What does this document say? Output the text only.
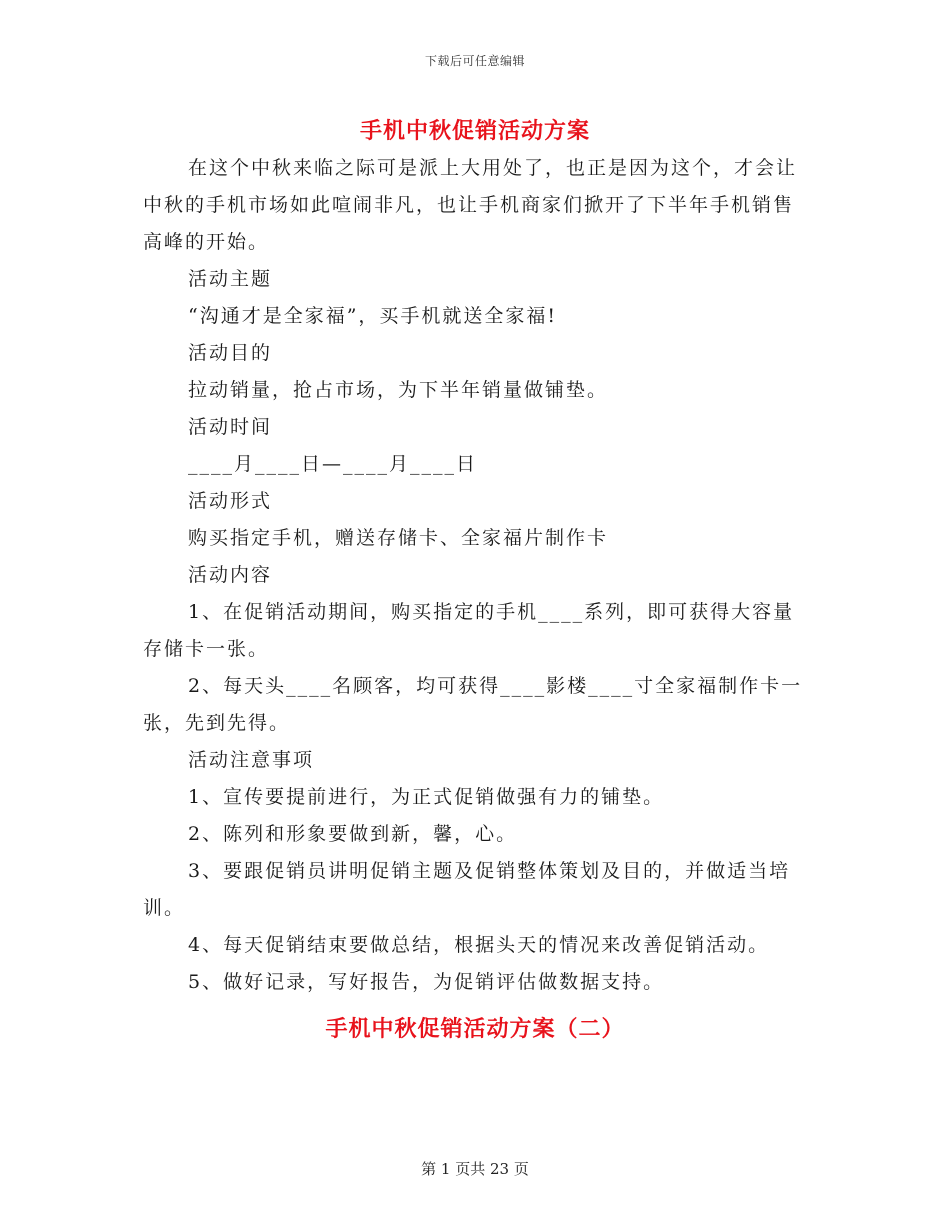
下载后可任意编辑
手机中秋促销活动方案

在这个中秋来临之际可是派上大用处了，也正是因为这个，才会让中秋的手机市场如此喧闹非凡，也让手机商家们掀开了下半年手机销售高峰的开始。

活动主题

“沟通才是全家福”，买手机就送全家福!

活动目的

拉动销量，抢占市场，为下半年销量做铺垫。

活动时间

____月____日—____月____日

活动形式

购买指定手机，赠送存储卡、全家福片制作卡

活动内容

1、在促销活动期间，购买指定的手机____系列，即可获得大容量存储卡一张。

2、每天头____名顾客，均可获得____影楼____寸全家福制作卡一张，先到先得。

活动注意事项

1、宣传要提前进行，为正式促销做强有力的铺垫。

2、陈列和形象要做到新，馨，心。

3、要跟促销员讲明促销主题及促销整体策划及目的，并做适当培训。

4、每天促销结束要做总结，根据头天的情况来改善促销活动。

5、做好记录，写好报告，为促销评估做数据支持。

手机中秋促销活动方案（二）
第 1 页共 23 页
